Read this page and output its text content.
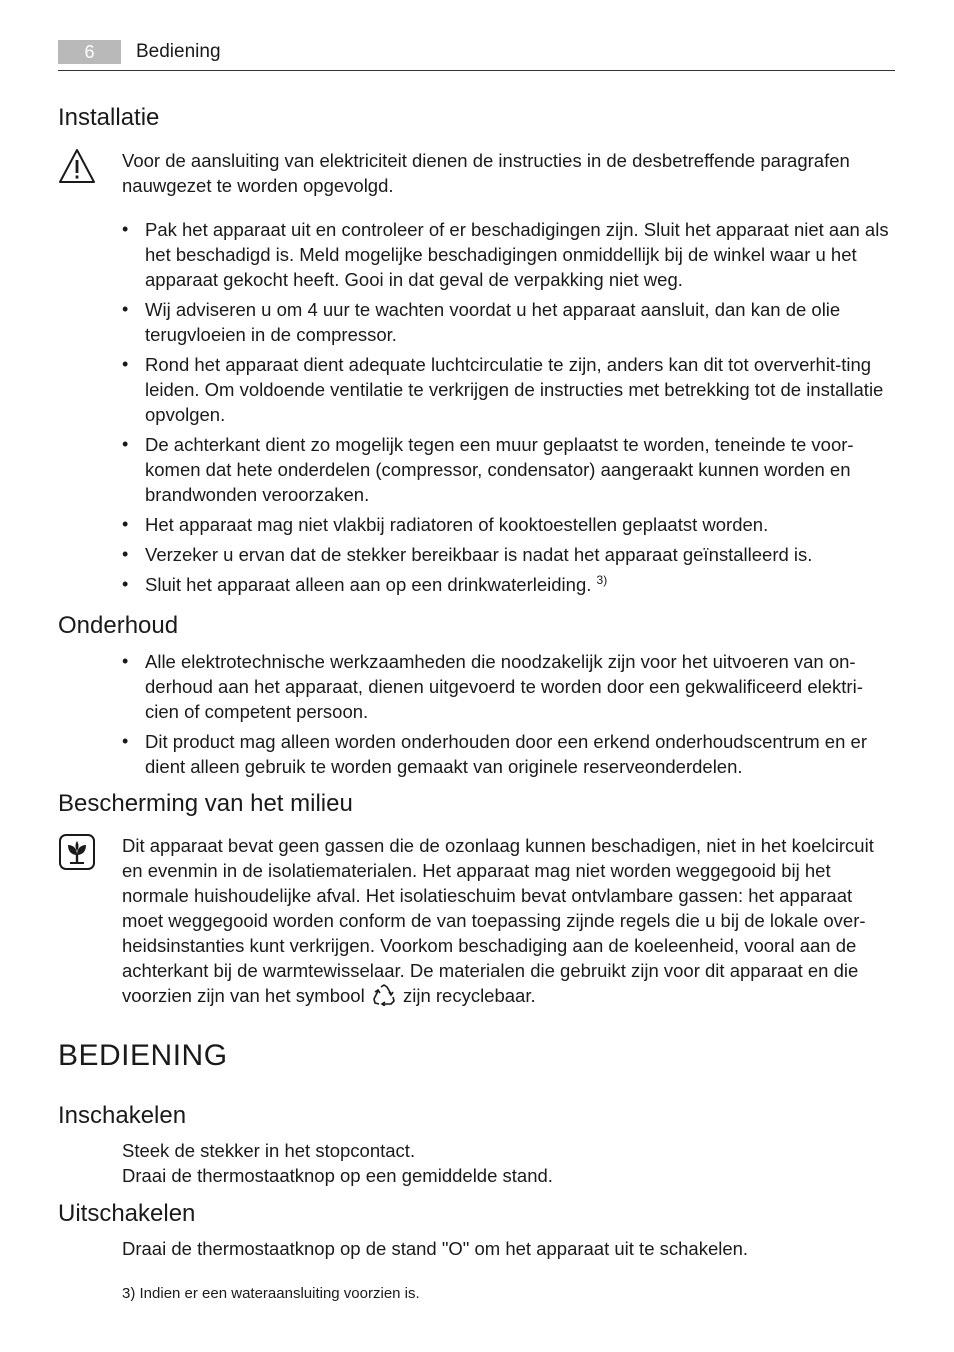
6	Bediening
Installatie

Voor de aansluiting van elektriciteit dienen de instructies in de desbetreffende paragrafen nauwgezet te worden opgevolgd.

• Pak het apparaat uit en controleer of er beschadigingen zijn. Sluit het apparaat niet aan als het beschadigd is. Meld mogelijke beschadigingen onmiddellijk bij de winkel waar u het apparaat gekocht heeft. Gooi in dat geval de verpakking niet weg.
• Wij adviseren u om 4 uur te wachten voordat u het apparaat aansluit, dan kan de olie terugvloeien in de compressor.
• Rond het apparaat dient adequate luchtcirculatie te zijn, anders kan dit tot oververhit-ting leiden. Om voldoende ventilatie te verkrijgen de instructies met betrekking tot de installatie opvolgen.
• De achterkant dient zo mogelijk tegen een muur geplaatst te worden, teneinde te voor-komen dat hete onderdelen (compressor, condensator) aangeraakt kunnen worden en brandwonden veroorzaken.
• Het apparaat mag niet vlakbij radiatoren of kooktoestellen geplaatst worden.
• Verzeker u ervan dat de stekker bereikbaar is nadat het apparaat geïnstalleerd is.
• Sluit het apparaat alleen aan op een drinkwaterleiding. $^{3)}$
Onderhoud
• Alle elektrotechnische werkzaamheden die noodzakelijk zijn voor het uitvoeren van on-derhoud aan het apparaat, dienen uitgevoerd te worden door een gekwalificeerd elektri-cien of competent persoon.
• Dit product mag alleen worden onderhouden door een erkend onderhoudscentrum en er dient alleen gebruik te worden gemaakt van originele reserveonderdelen.
Bescherming van het milieu

Dit apparaat bevat geen gassen die de ozonlaag kunnen beschadigen, niet in het koelcircuit en evenmin in de isolatiematerialen. Het apparaat mag niet worden weggegooid bij het normale huishoudelijke afval. Het isolatieschuim bevat ontvlambare gassen: het apparaat moet weggegooid worden conform de van toepassing zijnde regels die u bij de lokale over-heidsinstanties kunt verkrijgen. Voorkom beschadiging aan de koeleenheid, vooral aan de achterkant bij de warmtewisselaar. De materialen die gebruikt zijn voor dit apparaat en die voorzien zijn van het symbool zijn recyclebaar.

BEDIENING
Inschakelen

Steek de stekker in het stopcontact.

Draai de thermostaatknop op een gemiddelde stand.

Uitschakelen

Draai de thermostaatknop op de stand "O" om het apparaat uit te schakelen.

3) Indien er een wateraansluiting voorzien is.
